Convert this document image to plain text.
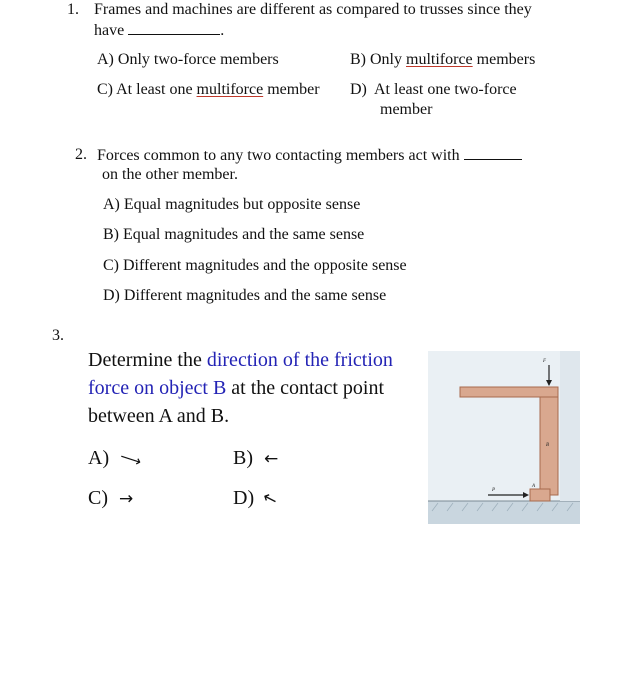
1. Frames and machines are different as compared to trusses since they
have	.
A) Only two-force members	B) Only multiforce members
C) At least one multiforce member D)  At least one two-force
member
2. Forces common to any two contacting members act with
on the other member.
A) Equal magnitudes but opposite sense
B) Equal magnitudes and the same sense
C) Different magnitudes and the opposite sense
D) Different magnitudes and the same sense
3.
Determine the direction of the friction
force on object B at the contact point
between A and B.
A) ⟶	B) ←
C) →	D) ↖
F
B
P
A
